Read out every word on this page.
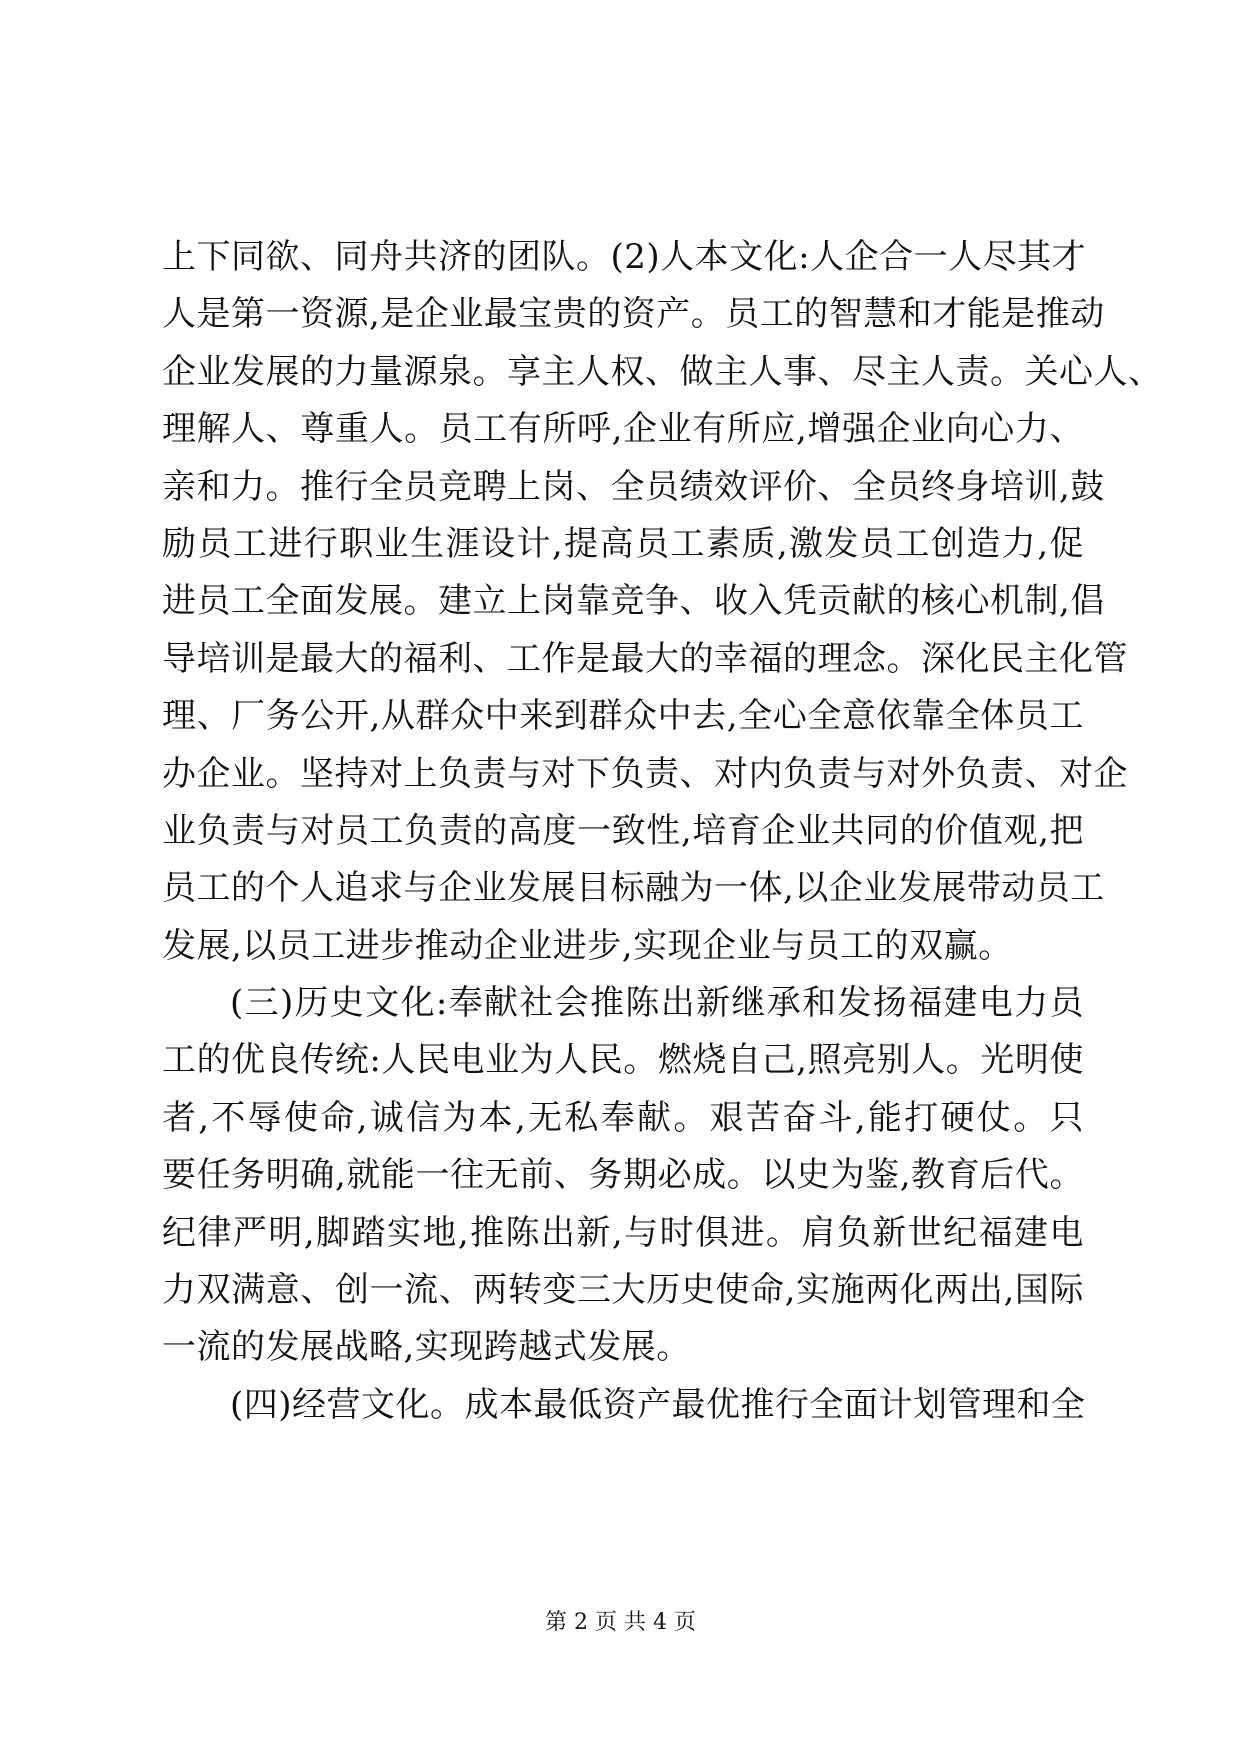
上下同欲、同舟共济的团队。(2)人本文化:人企合一人尽其才
人是第一资源,是企业最宝贵的资产。员工的智慧和才能是推动
企业发展的力量源泉。享主人权、做主人事、尽主人责。关心人、
理解人、尊重人。员工有所呼,企业有所应,增强企业向心力、
亲和力。推行全员竞聘上岗、全员绩效评价、全员终身培训,鼓
励员工进行职业生涯设计,提高员工素质,激发员工创造力,促
进员工全面发展。建立上岗靠竞争、收入凭贡献的核心机制,倡
导培训是最大的福利、工作是最大的幸福的理念。深化民主化管
理、厂务公开,从群众中来到群众中去,全心全意依靠全体员工
办企业。坚持对上负责与对下负责、对内负责与对外负责、对企
业负责与对员工负责的高度一致性,培育企业共同的价值观,把
员工的个人追求与企业发展目标融为一体,以企业发展带动员工
发展,以员工进步推动企业进步,实现企业与员工的双赢。
(三)历史文化:奉献社会推陈出新继承和发扬福建电力员
工的优良传统:人民电业为人民。燃烧自己,照亮别人。光明使
者,不辱使命,诚信为本,无私奉献。艰苦奋斗,能打硬仗。只
要任务明确,就能一往无前、务期必成。以史为鉴,教育后代。
纪律严明,脚踏实地,推陈出新,与时俱进。肩负新世纪福建电
力双满意、创一流、两转变三大历史使命,实施两化两出,国际
一流的发展战略,实现跨越式发展。
(四)经营文化。成本最低资产最优推行全面计划管理和全
第 2 页 共 4 页
